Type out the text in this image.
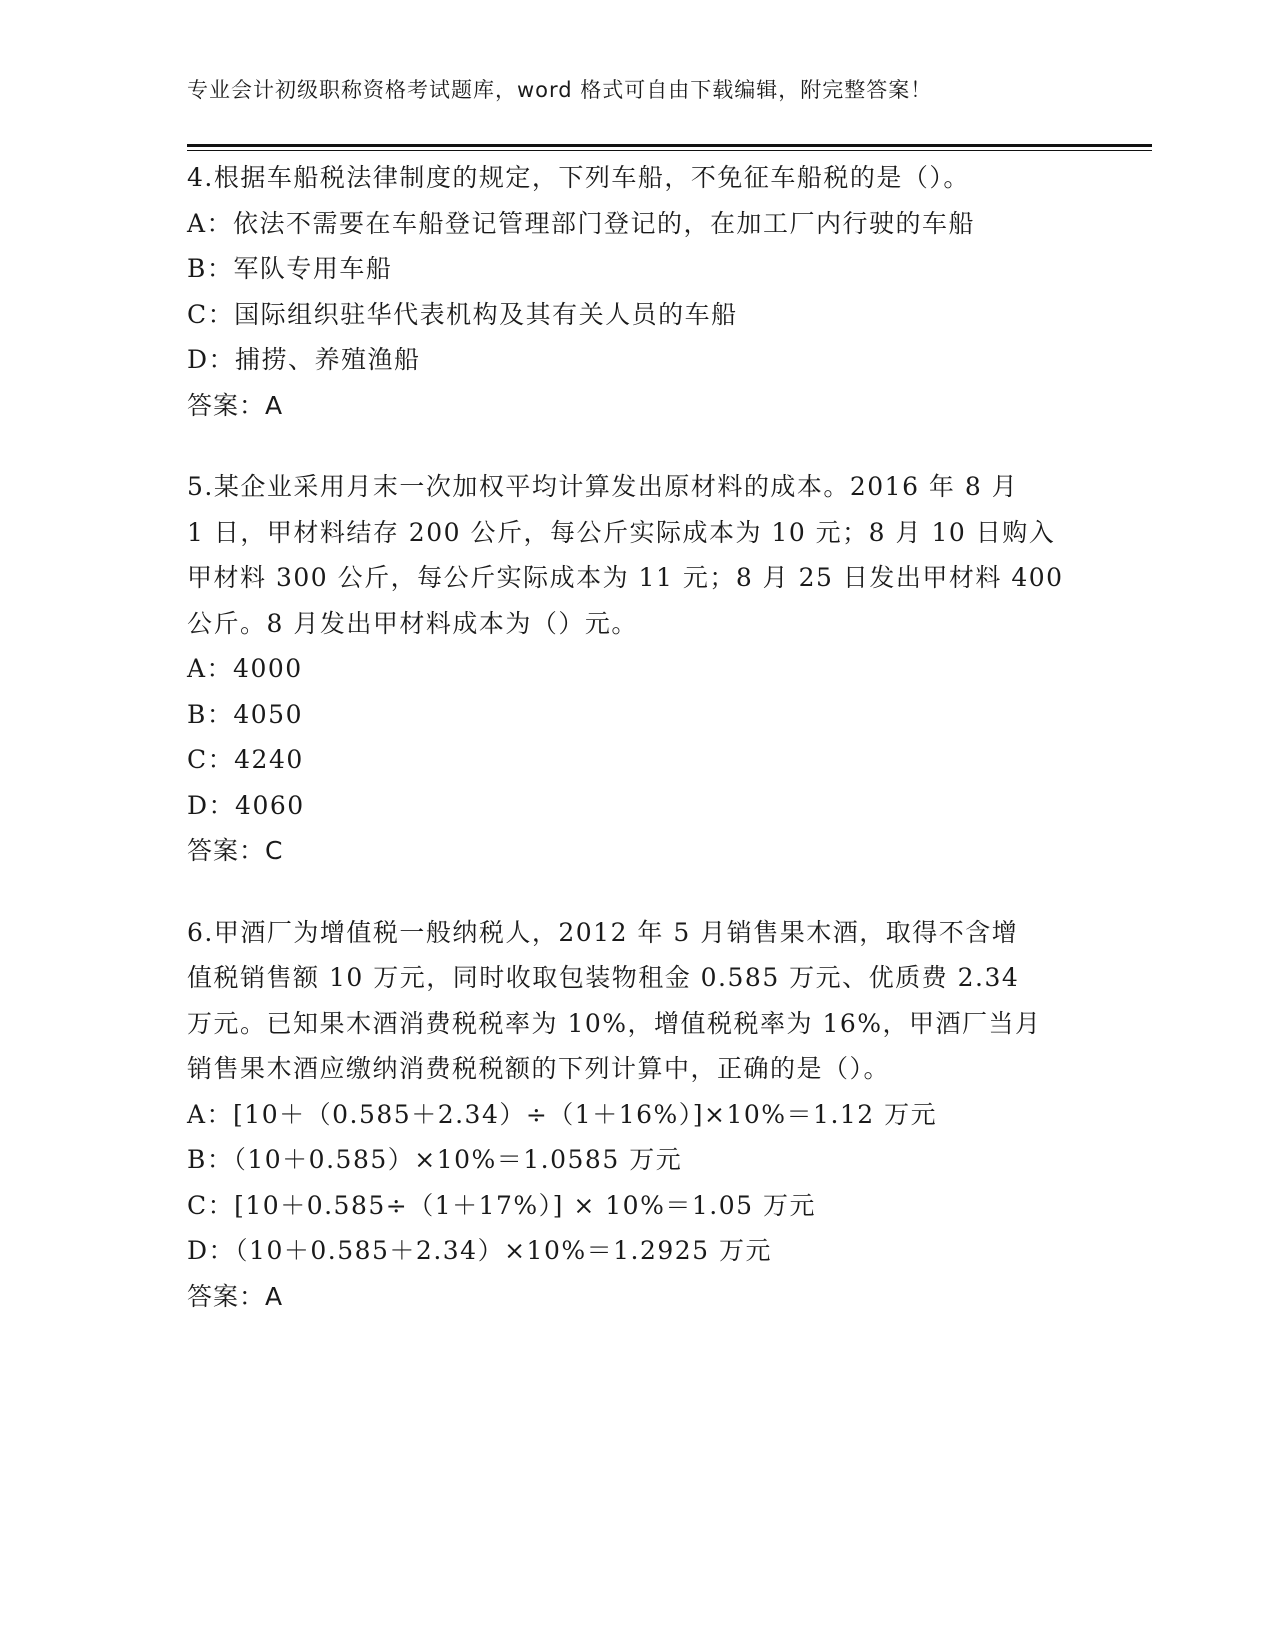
专业会计初级职称资格考试题库，word 格式可自由下载编辑，附完整答案！
4.根据车船税法律制度的规定，下列车船，不免征车船税的是（）。
A：依法不需要在车船登记管理部门登记的，在加工厂内行驶的车船
B：军队专用车船
C：国际组织驻华代表机构及其有关人员的车船
D：捕捞、养殖渔船
答案：A
5.某企业采用月末一次加权平均计算发出原材料的成本。2016 年 8 月
1 日，甲材料结存 200 公斤，每公斤实际成本为 10 元；8 月 10 日购入
甲材料 300 公斤，每公斤实际成本为 11 元；8 月 25 日发出甲材料 400
公斤。8 月发出甲材料成本为（）元。
A：4000
B：4050
C：4240
D：4060
答案：C
6.甲酒厂为增值税一般纳税人，2012 年 5 月销售果木酒，取得不含增
值税销售额 10 万元，同时收取包装物租金 0.585 万元、优质费 2.34
万元。已知果木酒消费税税率为 10%，增值税税率为 16%，甲酒厂当月
销售果木酒应缴纳消费税税额的下列计算中，正确的是（）。
A：[10＋（0.585＋2.34）÷（1＋16%）]×10%＝1.12 万元
B：（10＋0.585）×10%＝1.0585 万元
C：[10＋0.585÷（1＋17%）] × 10%＝1.05 万元
D：（10＋0.585＋2.34）×10%＝1.2925 万元
答案：A
